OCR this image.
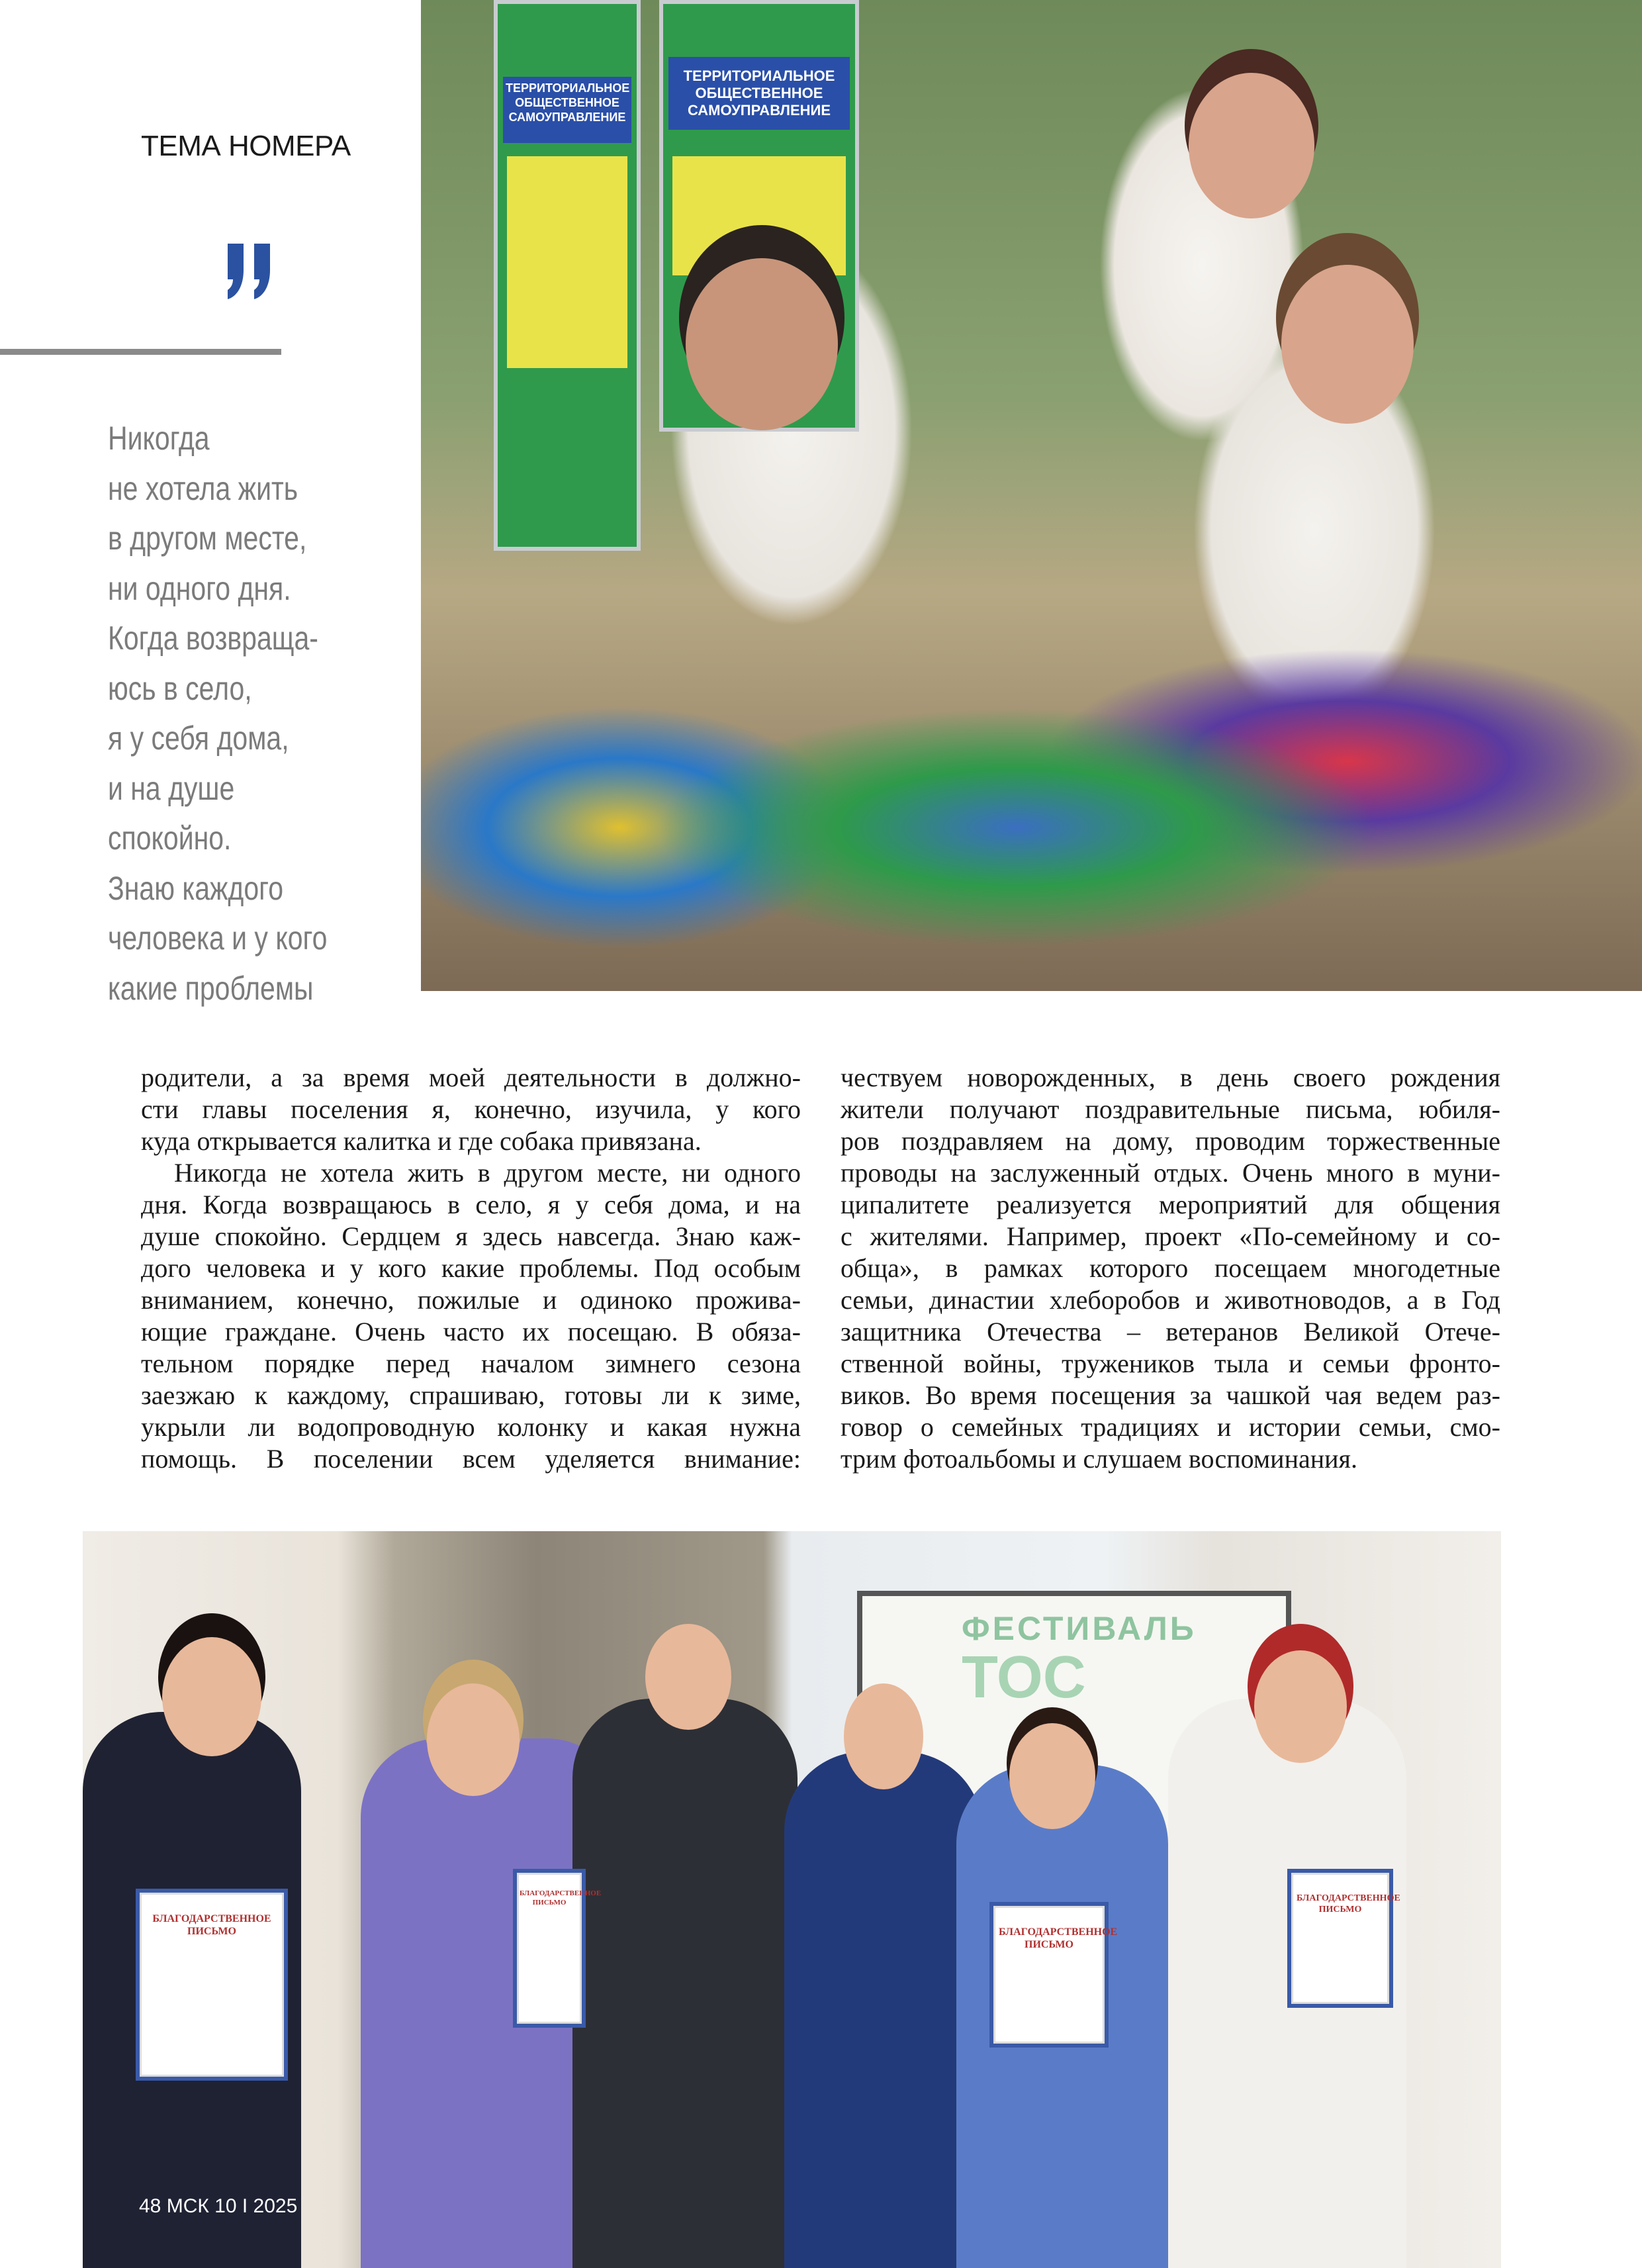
ТЕМА НОМЕРА
Никогда
не хотела жить
в другом месте,
ни одного дня.
Когда возвраща-
юсь в село,
я у себя дома,
и на душе
спокойно.
Знаю каждого
человека и у кого
какие проблемы
ТЕРРИТОРИАЛЬНОЕ ОБЩЕСТВЕННОЕ САМОУПРАВЛЕНИЕ
ТЕРРИТОРИАЛЬНОЕ ОБЩЕСТВЕННОЕ САМОУПРАВЛЕНИЕ
ФЕСТИВАЛЬ
ТОС
БЛАГОДАРСТВЕННОЕ ПИСЬМО
БЛАГОДАРСТВЕННОЕ ПИСЬМО
БЛАГОДАРСТВЕННОЕ ПИСЬМО
БЛАГОДАРСТВЕННОЕ ПИСЬМО
родители, а за время моей деятельности в должно-
сти главы поселения я, конечно, изучила, у кого
куда открывается калитка и где собака привязана.
Никогда не хотела жить в другом месте, ни одного
дня. Когда возвращаюсь в село, я у себя дома, и на
душе спокойно. Сердцем я здесь навсегда. Знаю каж-
дого человека и у кого какие проблемы. Под особым
вниманием, конечно, пожилые и одиноко прожива-
ющие граждане. Очень часто их посещаю. В обяза-
тельном порядке перед началом зимнего сезона
заезжаю к каждому, спрашиваю, готовы ли к зиме,
укрыли ли водопроводную колонку и какая нужна
помощь. В поселении всем уделяется внимание:
чествуем новорожденных, в день своего рождения
жители получают поздравительные письма, юбиля-
ров поздравляем на дому, проводим торжественные
проводы на заслуженный отдых. Очень много в муни-
ципалитете реализуется мероприятий для общения
с жителями. Например, проект «По-семейному и со-
обща», в рамках которого посещаем многодетные
семьи, династии хлеборобов и животноводов, а в Год
защитника Отечества – ветеранов Великой Отече-
ственной войны, тружеников тыла и семьи фронто-
виков. Во время посещения за чашкой чая ведем раз-
говор о семейных традициях и истории семьи, смо-
трим фотоальбомы и слушаем воспоминания.
48 МСК 10 I 2025
